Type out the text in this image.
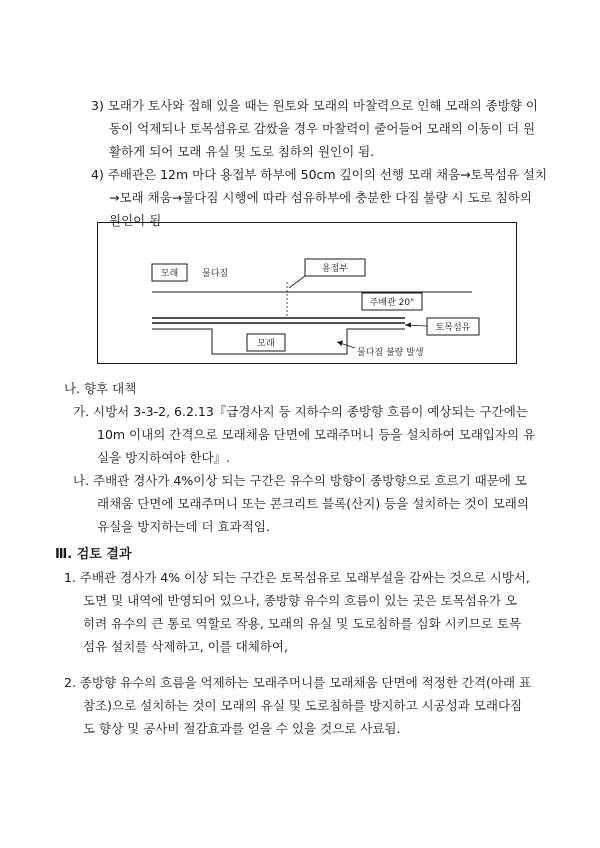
3) 모래가 토사와 접해 있을 때는 원토와 모래의 마찰력으로 인해 모래의 종방향 이
동이 억제되나 토목섬유로 감쌌을 경우 마찰력이 줄어들어 모래의 이동이 더 원
활하게 되어 모래 유실 및 도로 침하의 원인이 됨.
4) 주배관은 12m 마다 용접부 하부에 50cm 깊이의 선행 모래 채움→토목섬유 설치
→모래 채움→물다짐 시행에 따라 섬유하부에 충분한 다짐 불량 시 도로 침하의
원인이 됨
모래	물다짐	용접부
주배관 20"
토목섬유
모래
물다짐 불량 발생
나. 향후 대책
가. 시방서 3-3-2, 6.2.13『급경사지 등 지하수의 종방향 흐름이 예상되는 구간에는
10m 이내의 간격으로 모래채움 단면에 모래주머니 등을 설치하여 모래입자의 유
실을 방지하여야 한다』.
나. 주배관 경사가 4%이상 되는 구간은 유수의 방향이 종방향으로 흐르기 때문에 모
래채움 단면에 모래주머니 또는 콘크리트 블록(산지) 등을 설치하는 것이 모래의
유실을 방지하는데 더 효과적임.
Ⅲ. 검토 결과
1. 주배관 경사가 4% 이상 되는 구간은 토목섬유로 모래부설을 감싸는 것으로 시방서,
도면 및 내역에 반영되어 있으나, 종방향 유수의 흐름이 있는 곳은 토목섬유가 오
히려 유수의 큰 통로 역할로 작용, 모래의 유실 및 도로침하를 심화 시키므로 토목
섬유 설치를 삭제하고, 이를 대체하여,
2. 종방향 유수의 흐름을 억제하는 모래주머니를 모래채움 단면에 적정한 간격(아래 표
참조)으로 설치하는 것이 모래의 유실 및 도로침하를 방지하고 시공성과 모래다짐
도 향상 및 공사비 절감효과를 얻을 수 있을 것으로 사료됨.
